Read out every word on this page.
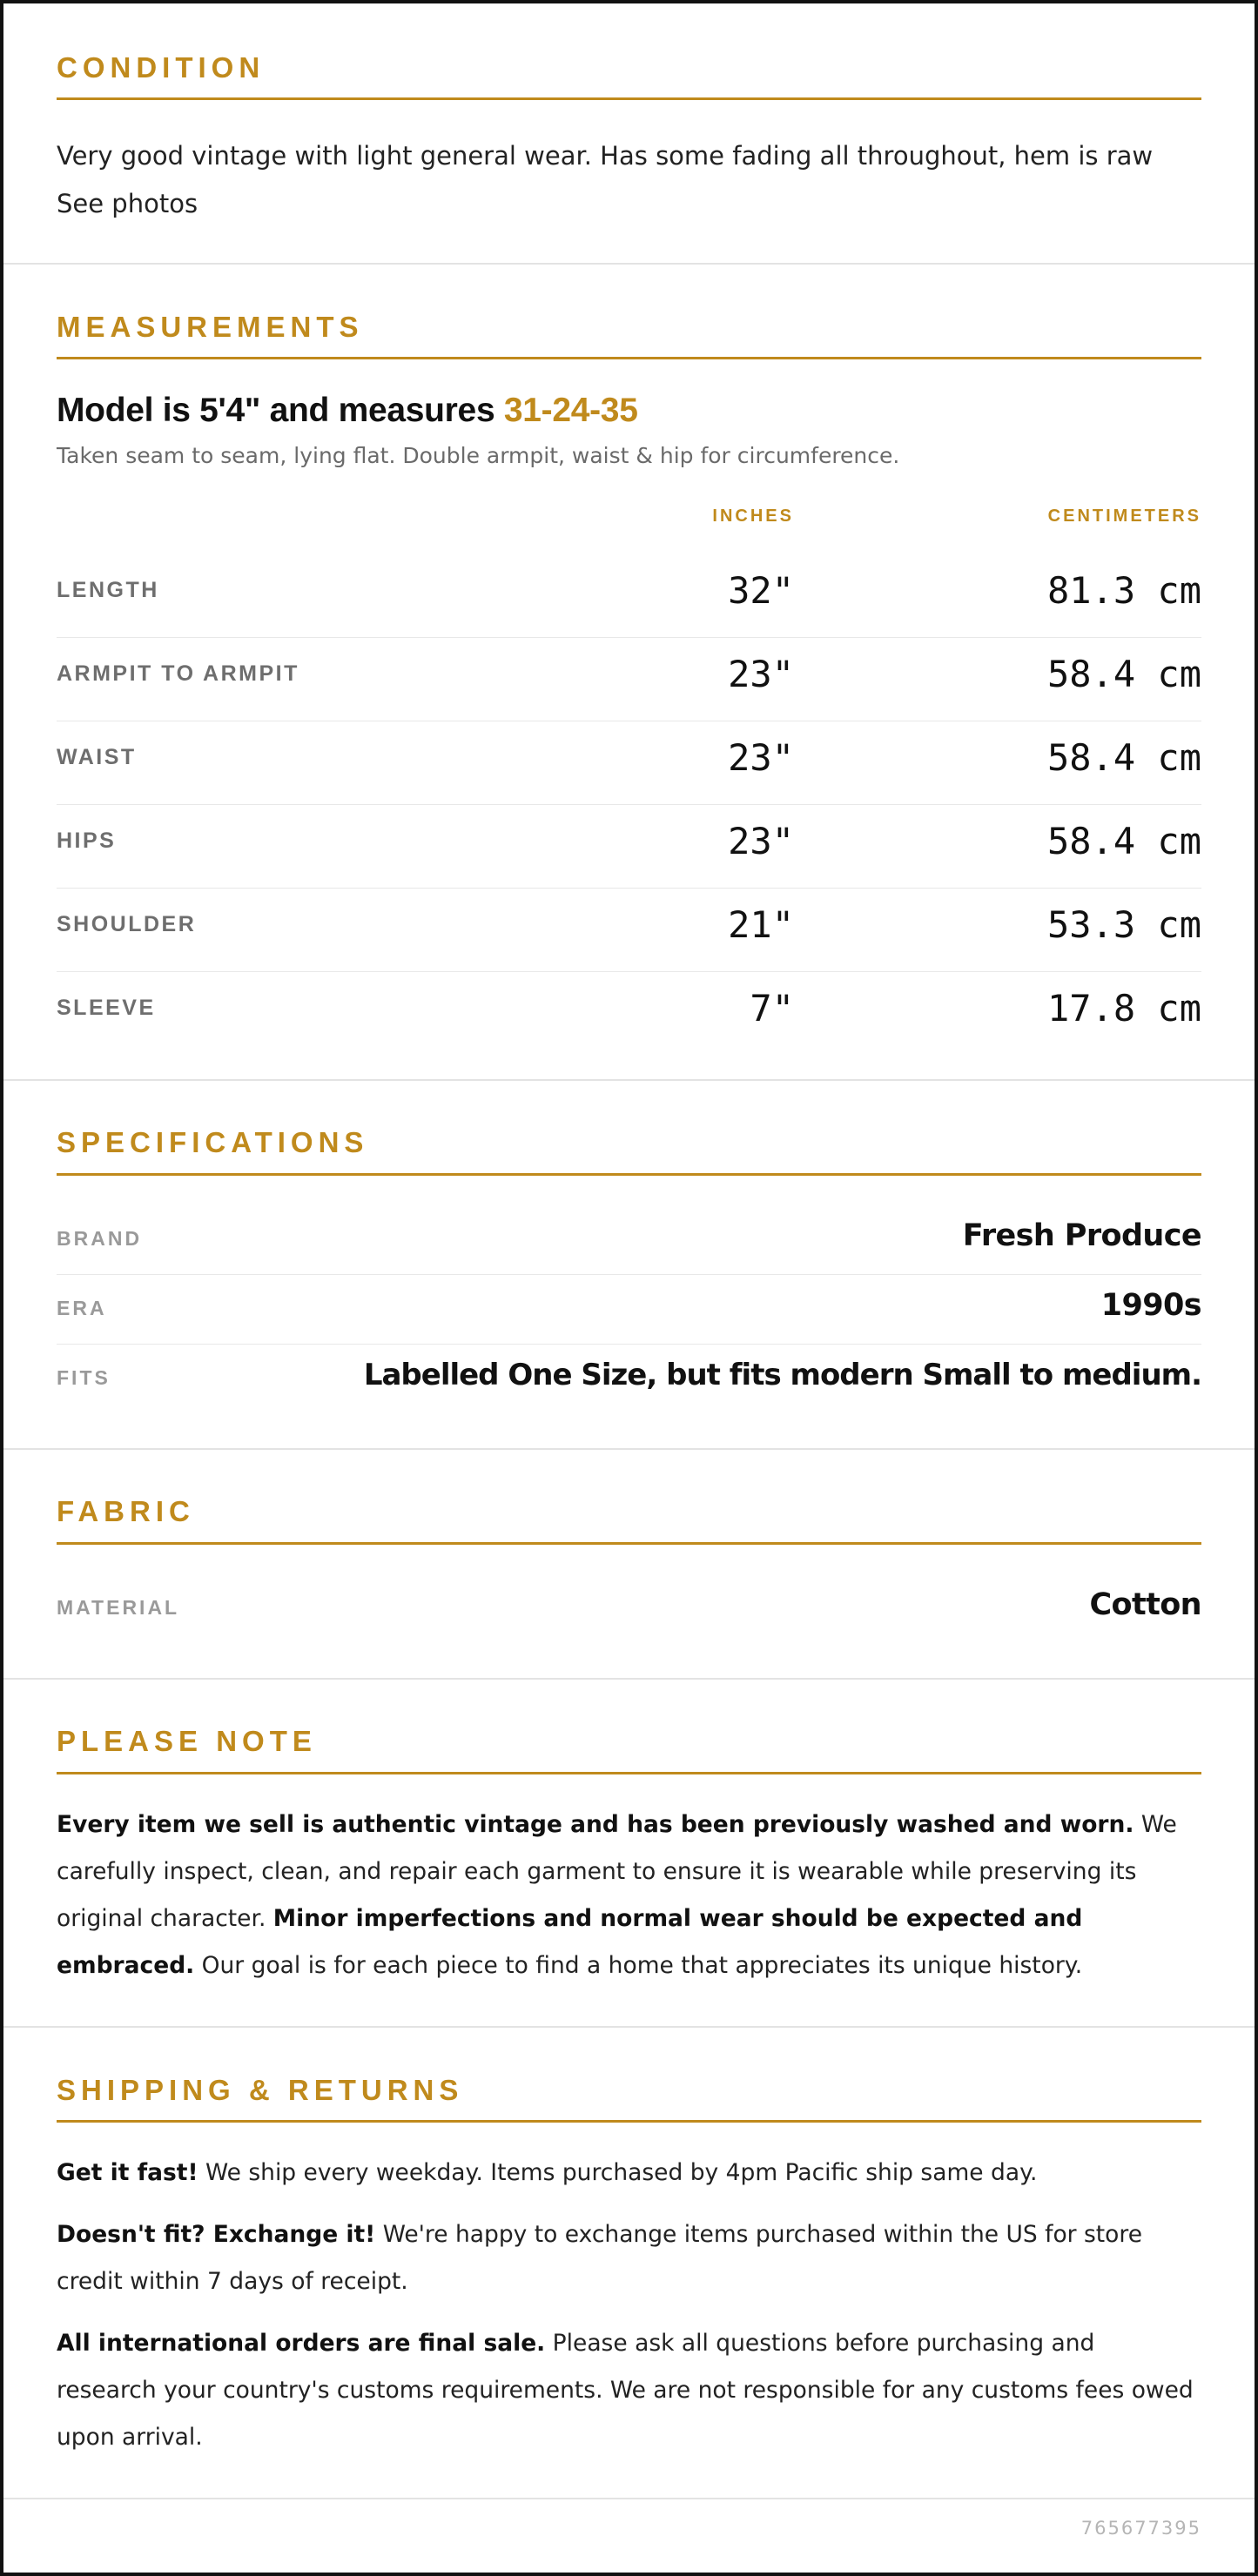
CONDITION
Very good vintage with light general wear. Has some fading all throughout, hem is raw See photos
MEASUREMENTS
Model is 5'4" and measures 31-24-35
Taken seam to seam, lying flat. Double armpit, waist & hip for circumference.
INCHES	CENTIMETERS
LENGTH	32"	81.3 cm
ARMPIT TO ARMPIT	23"	58.4 cm
WAIST	23"	58.4 cm
HIPS	23"	58.4 cm
SHOULDER	21"	53.3 cm
SLEEVE	7"	17.8 cm
SPECIFICATIONS
BRAND	Fresh Produce
ERA	1990s
FITS	Labelled One Size, but fits modern Small to medium.
FABRIC
MATERIAL	Cotton
PLEASE NOTE
Every item we sell is authentic vintage and has been previously washed and worn. We carefully inspect, clean, and repair each garment to ensure it is wearable while preserving its original character. Minor imperfections and normal wear should be expected and embraced. Our goal is for each piece to find a home that appreciates its unique history.
SHIPPING & RETURNS
Get it fast! We ship every weekday. Items purchased by 4pm Pacific ship same day.
Doesn't fit? Exchange it! We're happy to exchange items purchased within the US for store credit within 7 days of receipt.
All international orders are final sale. Please ask all questions before purchasing and research your country's customs requirements. We are not responsible for any customs fees owed upon arrival.
765677395
